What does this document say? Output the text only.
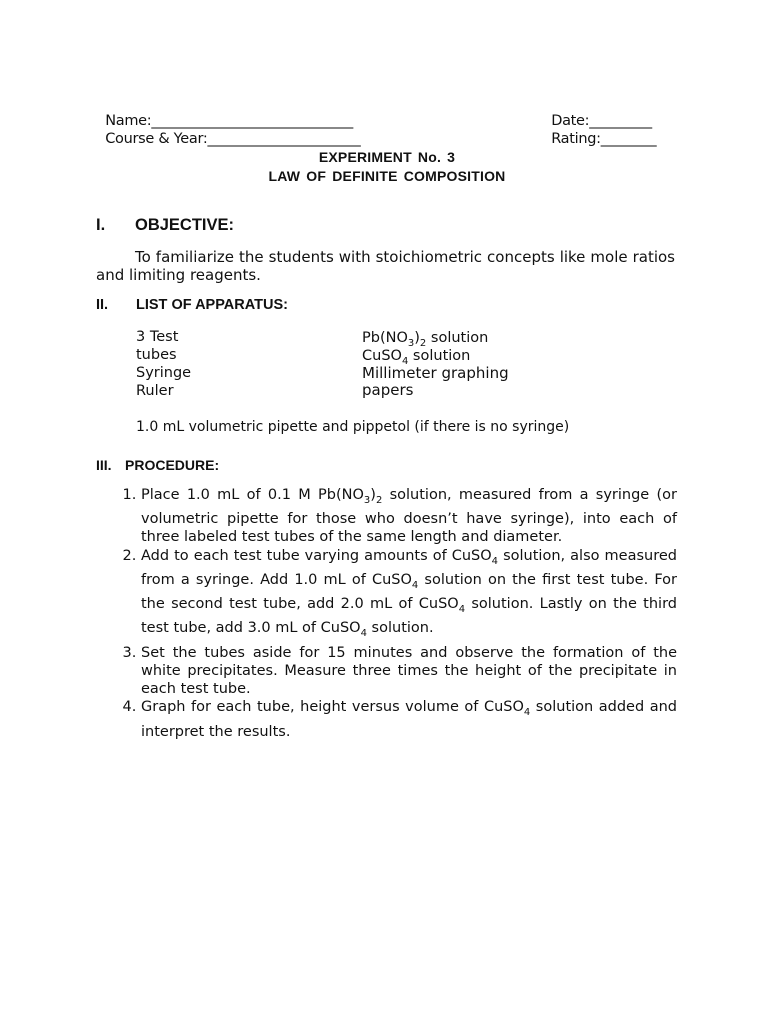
Name:_____________________________

Course & Year:______________________

Date:_________

Rating:________

EXPERIMENT No. 3
LAW OF DEFINITE COMPOSITION
I. OBJECTIVE:
To familiarize the students with stoichiometric concepts like mole ratios and limiting reagents.
II. LIST OF APPARATUS:
3 Test
tubes
Syringe
Ruler
$Pb(NO_3)_2$ solution
CuSO$_4$ solution
Millimeter graphing
papers
1.0 mL volumetric pipette and pippetol (if there is no syringe)
III. PROCEDURE:
1. Place 1.0 mL of 0.1 M $Pb(NO_3)_2$ solution, measured from a syringe (or volumetric pipette for those who doesn’t have syringe), into each of three labeled test tubes of the same length and diameter.
2. Add to each test tube varying amounts of CuSO$_4$ solution, also measured from a syringe. Add 1.0 mL of CuSO$_4$ solution on the first test tube. For the second test tube, add 2.0 mL of CuSO$_4$ solution. Lastly on the third test tube, add 3.0 mL of CuSO$_4$ solution.
3. Set the tubes aside for 15 minutes and observe the formation of the white precipitates. Measure three times the height of the precipitate in each test tube.
4. Graph for each tube, height versus volume of CuSO$_4$ solution added and interpret the results.
